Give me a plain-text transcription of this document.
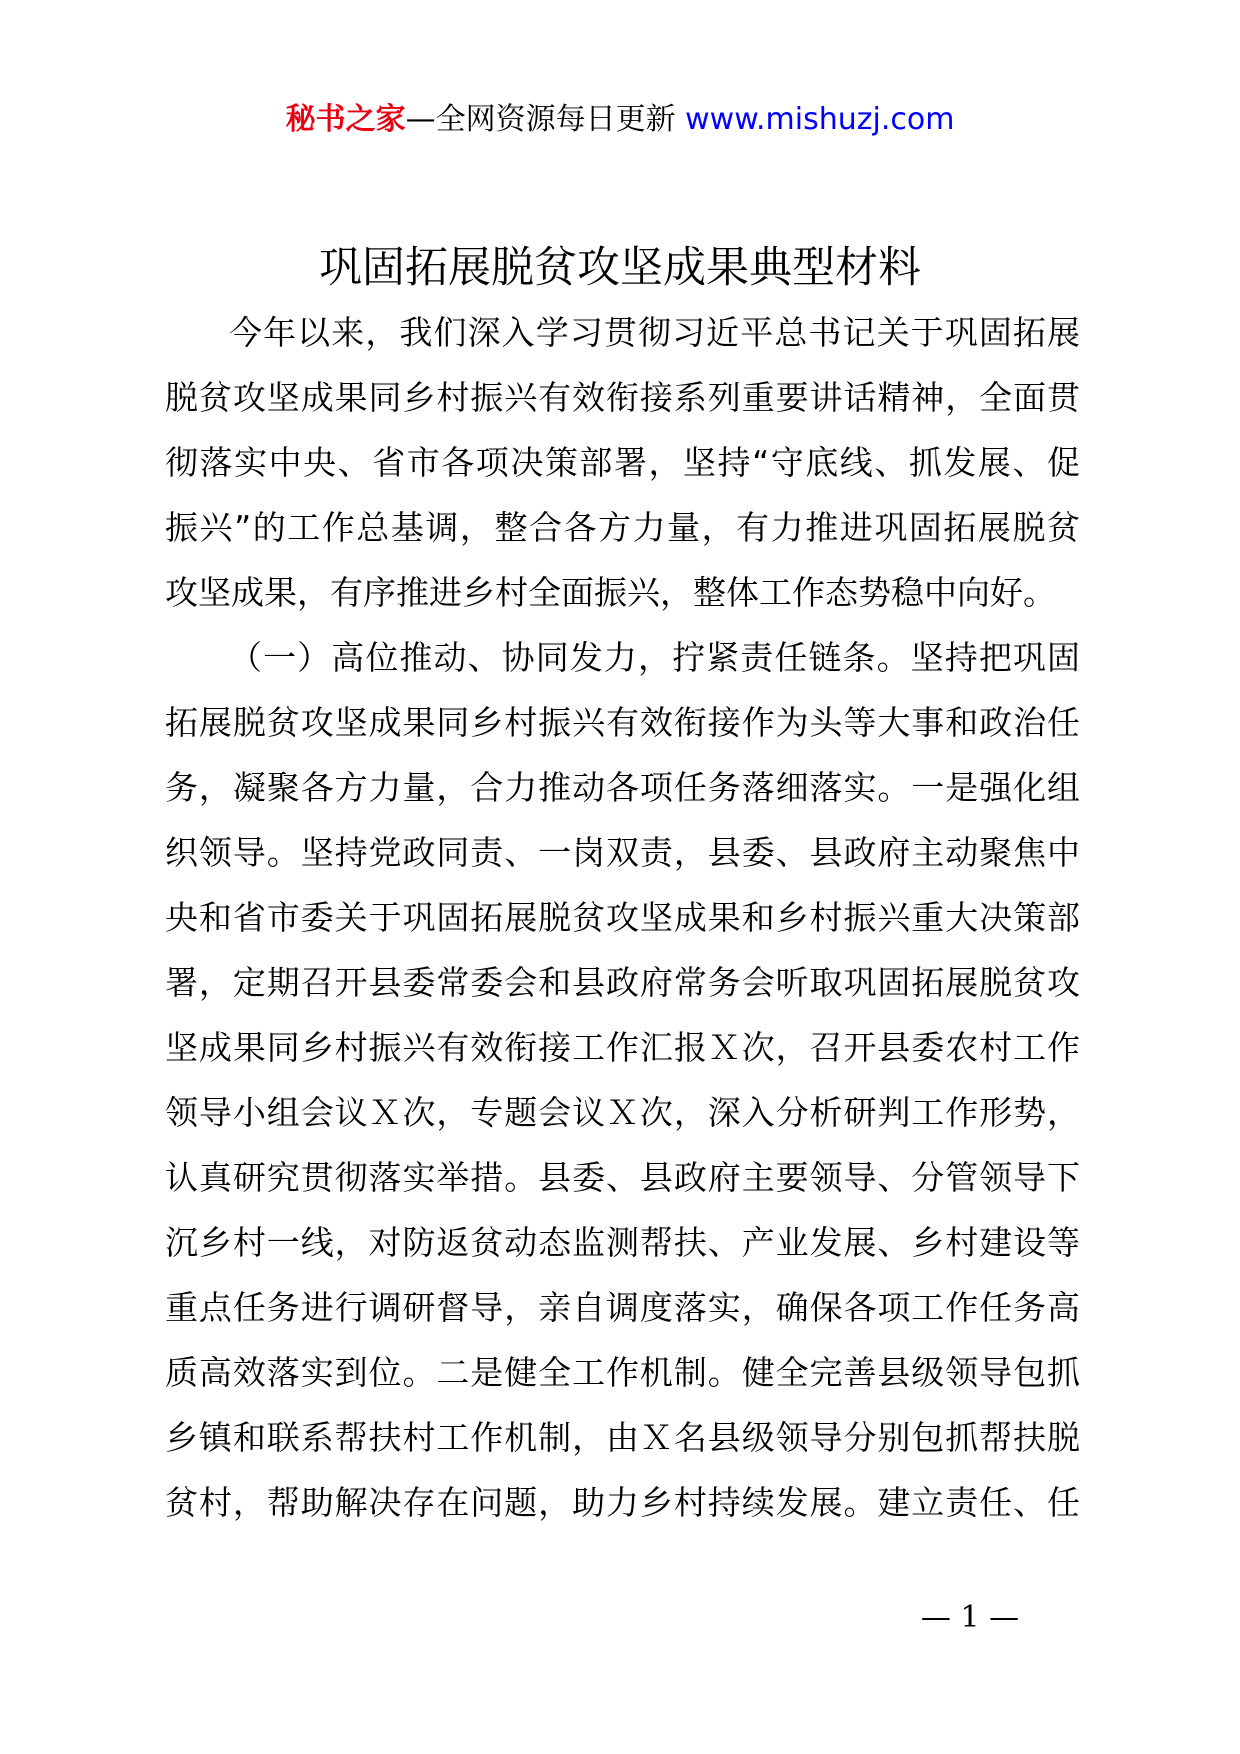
秘书之家—全网资源每日更新 www.mishuzj.com
巩固拓展脱贫攻坚成果典型材料
今年以来，我们深入学习贯彻习近平总书记关于巩固拓展
脱贫攻坚成果同乡村振兴有效衔接系列重要讲话精神，全面贯
彻落实中央、省市各项决策部署，坚持“守底线、抓发展、促
振兴”的工作总基调，整合各方力量，有力推进巩固拓展脱贫
攻坚成果，有序推进乡村全面振兴，整体工作态势稳中向好。
（一）高位推动、协同发力，拧紧责任链条。坚持把巩固
拓展脱贫攻坚成果同乡村振兴有效衔接作为头等大事和政治任
务，凝聚各方力量，合力推动各项任务落细落实。一是强化组
织领导。坚持党政同责、一岗双责，县委、县政府主动聚焦中
央和省市委关于巩固拓展脱贫攻坚成果和乡村振兴重大决策部
署，定期召开县委常委会和县政府常务会听取巩固拓展脱贫攻
坚成果同乡村振兴有效衔接工作汇报Ｘ次，召开县委农村工作
领导小组会议Ｘ次，专题会议Ｘ次，深入分析研判工作形势，
认真研究贯彻落实举措。县委、县政府主要领导、分管领导下
沉乡村一线，对防返贫动态监测帮扶、产业发展、乡村建设等
重点任务进行调研督导，亲自调度落实，确保各项工作任务高
质高效落实到位。二是健全工作机制。健全完善县级领导包抓
乡镇和联系帮扶村工作机制，由Ｘ名县级领导分别包抓帮扶脱
贫村，帮助解决存在问题，助力乡村持续发展。建立责任、任
— 1 —
